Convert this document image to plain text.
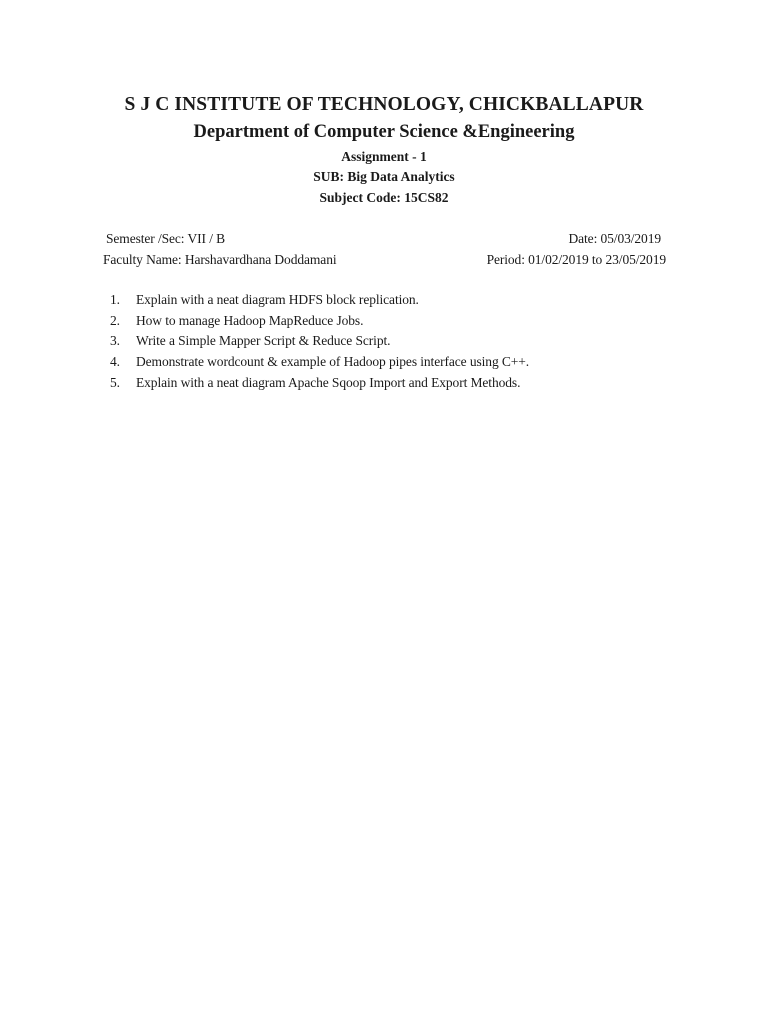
S J C INSTITUTE OF TECHNOLOGY, CHICKBALLAPUR
Department of Computer Science &Engineering
Assignment - 1
SUB: Big Data Analytics
Subject Code: 15CS82
Semester /Sec: VII / B	Date: 05/03/2019
Faculty Name: Harshavardhana Doddamani	Period: 01/02/2019 to 23/05/2019
1. Explain with a neat diagram HDFS block replication.
2. How to manage Hadoop MapReduce Jobs.
3. Write a Simple Mapper Script & Reduce Script.
4. Demonstrate wordcount & example of Hadoop pipes interface using C++.
5. Explain with a neat diagram Apache Sqoop Import and Export Methods.
